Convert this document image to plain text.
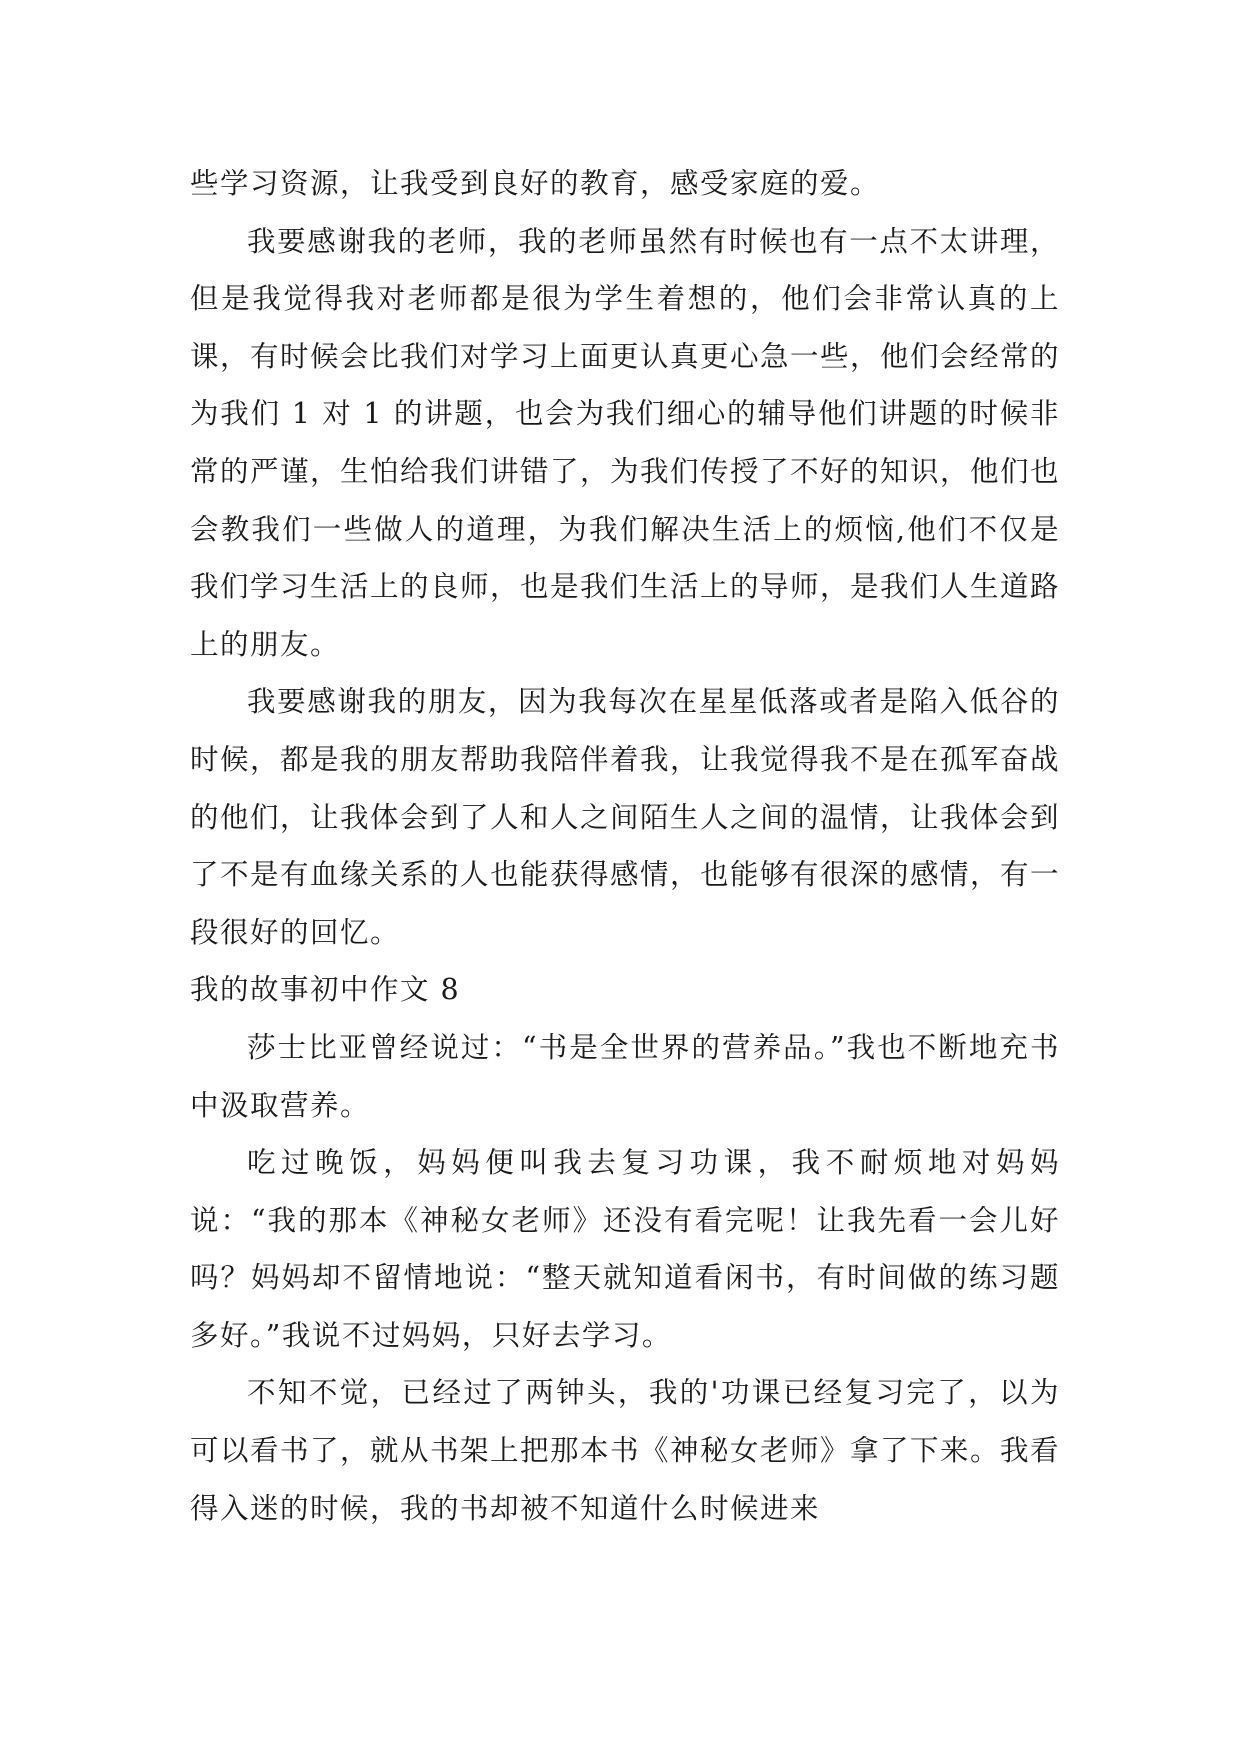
些学习资源，让我受到良好的教育，感受家庭的爱。

我要感谢我的老师，我的老师虽然有时候也有一点不太讲理，但是我觉得我对老师都是很为学生着想的，他们会非常认真的上课，有时候会比我们对学习上面更认真更心急一些，他们会经常的为我们 1 对 1 的讲题，也会为我们细心的辅导他们讲题的时候非常的严谨，生怕给我们讲错了，为我们传授了不好的知识，他们也会教我们一些做人的道理，为我们解决生活上的烦恼,他们不仅是我们学习生活上的良师，也是我们生活上的导师，是我们人生道路上的朋友。

我要感谢我的朋友，因为我每次在星星低落或者是陷入低谷的时候，都是我的朋友帮助我陪伴着我，让我觉得我不是在孤军奋战的他们，让我体会到了人和人之间陌生人之间的温情，让我体会到了不是有血缘关系的人也能获得感情，也能够有很深的感情，有一段很好的回忆。

我的故事初中作文 8

莎士比亚曾经说过：“书是全世界的营养品。”我也不断地充书中汲取营养。

吃过晚饭，妈妈便叫我去复习功课，我不耐烦地对妈妈说：“我的那本《神秘女老师》还没有看完呢！让我先看一会儿好吗？妈妈却不留情地说：“整天就知道看闲书，有时间做的练习题多好。”我说不过妈妈，只好去学习。

不知不觉，已经过了两钟头，我的'功课已经复习完了，以为可以看书了，就从书架上把那本书《神秘女老师》拿了下来。我看得入迷的时候，我的书却被不知道什么时候进来
